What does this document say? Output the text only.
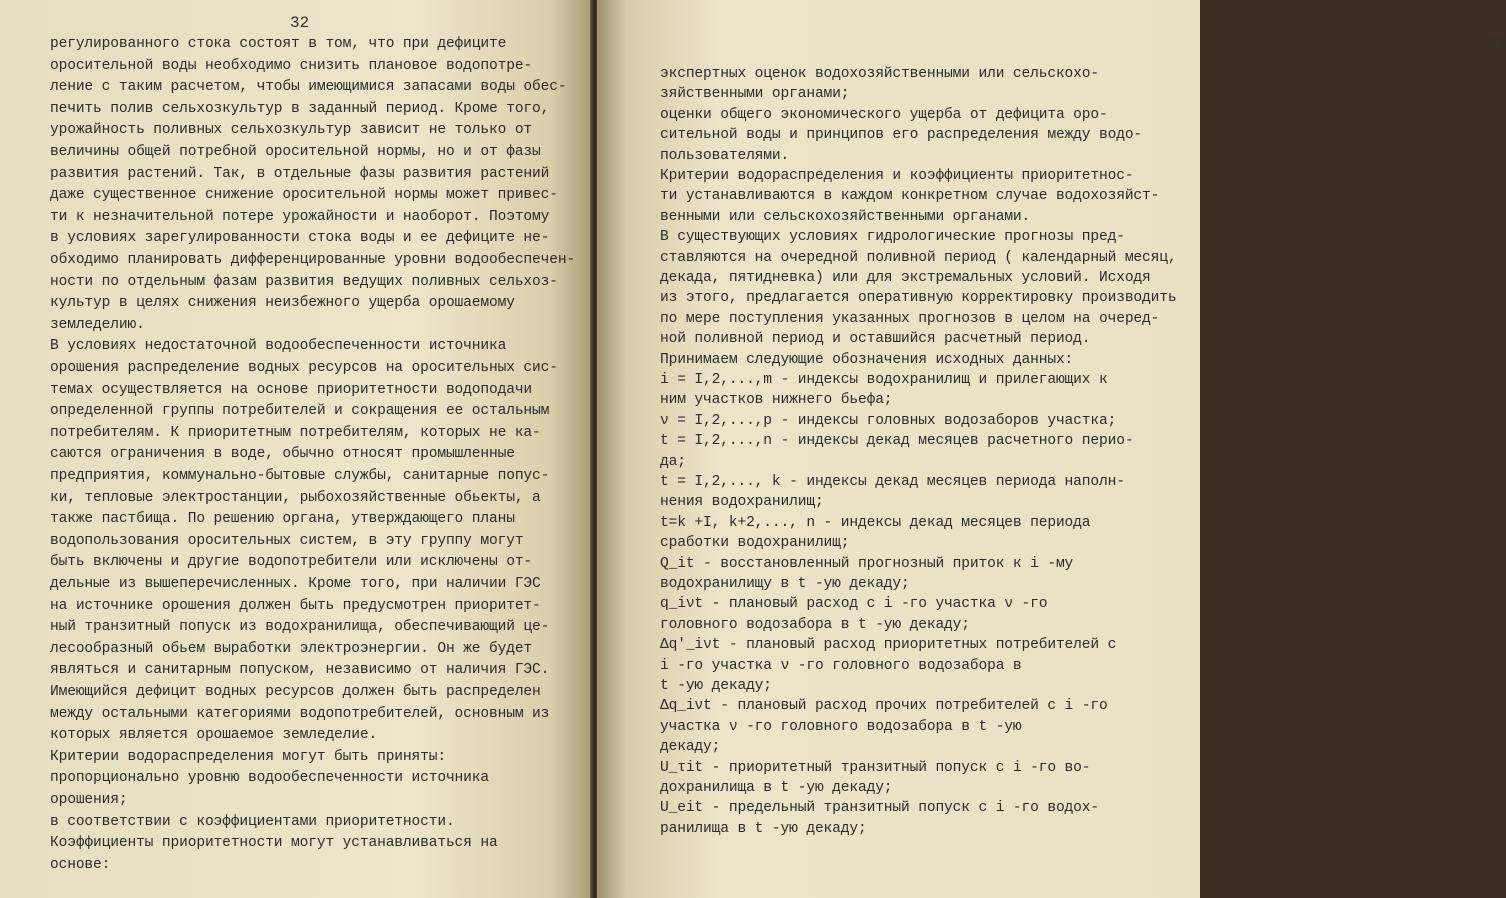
32
регулированного стока состоят в том, что при дефиците
оросительной воды необходимо снизить плановое водопотре-
ление с таким расчетом, чтобы имеющимися запасами воды обес-
печить полив сельхозкультур в заданный период. Кроме того,
урожайность поливных сельхозкультур зависит не только от
величины общей потребной оросительной нормы, но и от фазы
развития растений. Так, в отдельные фазы развития растений
даже существенное снижение оросительной нормы может привес-
ти к незначительной потере урожайности и наоборот. Поэтому
в условиях зарегулированности стока воды и ее дефиците не-
обходимо планировать дифференцированные уровни водообеспечен-
ности по отдельным фазам развития ведущих поливных сельхоз-
культур в целях снижения неизбежного ущерба орошаемому
земледелию.
В условиях недостаточной водообеспеченности источника
орошения распределение водных ресурсов на оросительных сис-
темах осуществляется на основе приоритетности водоподачи
определенной группы потребителей и сокращения ее остальным
потребителям. К приоритетным потребителям, которых не ка-
саются ограничения в воде, обычно относят промышленные
предприятия, коммунально-бытовые службы, санитарные попус-
ки, тепловые электростанции, рыбохозяйственные обьекты, а
также пастбища. По решению органа, утверждающего планы
водопользования оросительных систем, в эту группу могут
быть включены и другие водопотребители или исключены от-
дельные из вышеперечисленных. Кроме того, при наличии ГЭС
на источнике орошения должен быть предусмотрен приоритет-
ный транзитный попуск из водохранилища, обеспечивающий це-
лесообразный обьем выработки электроэнергии. Он же будет
являться и санитарным попуском, независимо от наличия ГЭС.
Имеющийся дефицит водных ресурсов должен быть распределен
между остальными категориями водопотребителей, основным из
которых является орошаемое земледелие.
Критерии водораспределения могут быть приняты:
пропорционально уровню водообеспеченности источника
орошения;
в соответствии с коэффициентами приоритетности.
Коэффициенты приоритетности могут устанавливаться на
основе:
33
экспертных оценок водохозяйственными или сельскохо-
зяйственными органами;
оценки общего экономического ущерба от дефицита оро-
сительной воды и принципов его распределения между водо-
пользователями.
Критерии водораспределения и коэффициенты приоритетнос-
ти устанавливаются в каждом конкретном случае водохозяйст-
венными или сельскохозяйственными органами.
В существующих условиях гидрологические прогнозы пред-
ставляются на очередной поливной период ( календарный месяц,
декада, пятидневка) или для экстремальных условий. Исходя
из этого, предлагается оперативную корректировку производить
по мере поступления указанных прогнозов в целом на очеред-
ной поливной период и оставшийся расчетный период.
Принимаем следующие обозначения исходных данных:
i = I,2,...,m - индексы водохранилищ и прилегающих к
ним участков нижнего бьефа;
ν = I,2,...,p - индексы головных водозаборов участка;
t = I,2,...,n - индексы декад месяцев расчетного перио-
да;
t = I,2,..., k - индексы декад месяцев периода наполн-
нения водохранилищ;
t=k +I, k+2,..., n - индексы декад месяцев периода
сработки водохранилищ;
Q_it - восстановленный прогнозный приток к i -му
водохранилищу в t -ую декаду;
q_iνt - плановый расход с i -го участка ν -го
головного водозабора в t -ую декаду;
Δq'_iνt - плановый расход приоритетных потребителей с
i -го участка ν -го головного водозабора в
t -ую декаду;
Δq_iνt - плановый расход прочих потребителей с i -го
участка ν -го головного водозабора в t -ую
декаду;
U_τit - приоритетный транзитный попуск с i -го во-
дохранилища в t -ую декаду;
U_eit - предельный транзитный попуск с i -го водох-
ранилища в t -ую декаду;
